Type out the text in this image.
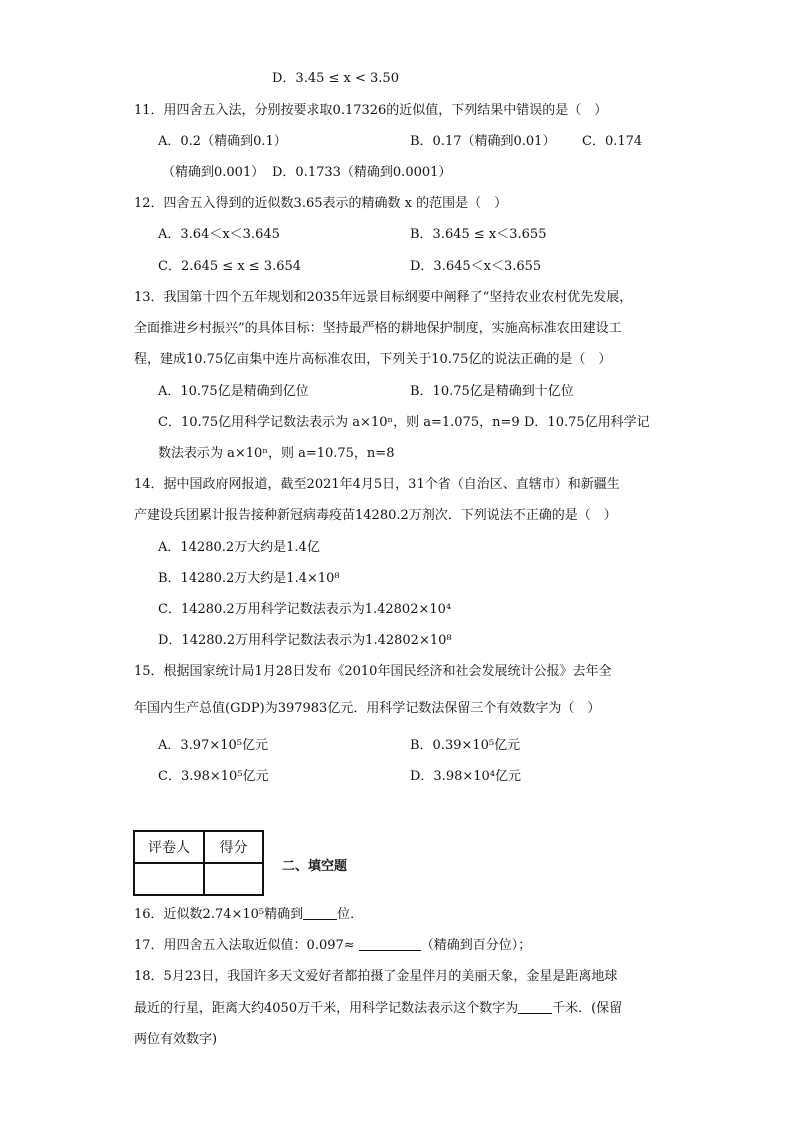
D．3.45 ≤ x < 3.50
11．用四舍五入法，分别按要求取0.17326的近似值，下列结果中错误的是（　）
A．0.2（精确到0.1）	B．0.17（精确到0.01） C．0.174
（精确到0.001） D．0.1733（精确到0.0001）
12．四舍五入得到的近似数3.65表示的精确数 x 的范围是（　）
A．3.64＜x＜3.645	B．3.645 ≤ x＜3.655
C．2.645 ≤ x ≤ 3.654	D．3.645＜x＜3.655
13．我国第十四个五年规划和2035年远景目标纲要中阐释了“坚持农业农村优先发展，
全面推进乡村振兴”的具体目标：坚持最严格的耕地保护制度，实施高标准农田建设工
程，建成10.75亿亩集中连片高标准农田，下列关于10.75亿的说法正确的是（　）
A．10.75亿是精确到亿位	B．10.75亿是精确到十亿位
C．10.75亿用科学记数法表示为 a×10ⁿ，则 a=1.075，n=9 D．10.75亿用科学记
数法表示为 a×10ⁿ，则 a=10.75，n=8
14．据中国政府网报道，截至2021年4月5日，31个省（自治区、直辖市）和新疆生
产建设兵团累计报告接种新冠病毒疫苗14280.2万剂次．下列说法不正确的是（　）
A．14280.2万大约是1.4亿
B．14280.2万大约是1.4×10⁸
C．14280.2万用科学记数法表示为1.42802×10⁴
D．14280.2万用科学记数法表示为1.42802×10⁸
15．根据国家统计局1月28日发布《2010年国民经济和社会发展统计公报》去年全
年国内生产总值(GDP)为397983亿元．用科学记数法保留三个有效数字为（　）
A．3.97×10⁵亿元	B．0.39×10⁵亿元
C．3.98×10⁵亿元	D．3.98×10⁴亿元
评卷人	得分

二、填空题
16．近似数2.74×10⁵精确到	位．
17．用四舍五入法取近似值：0.097≈	（精确到百分位）；
18．5月23日，我国许多天文爱好者都拍摄了金星伴月的美丽天象，金星是距离地球
最近的行星，距离大约4050万千米，用科学记数法表示这个数字为	千米．(保留
两位有效数字)
